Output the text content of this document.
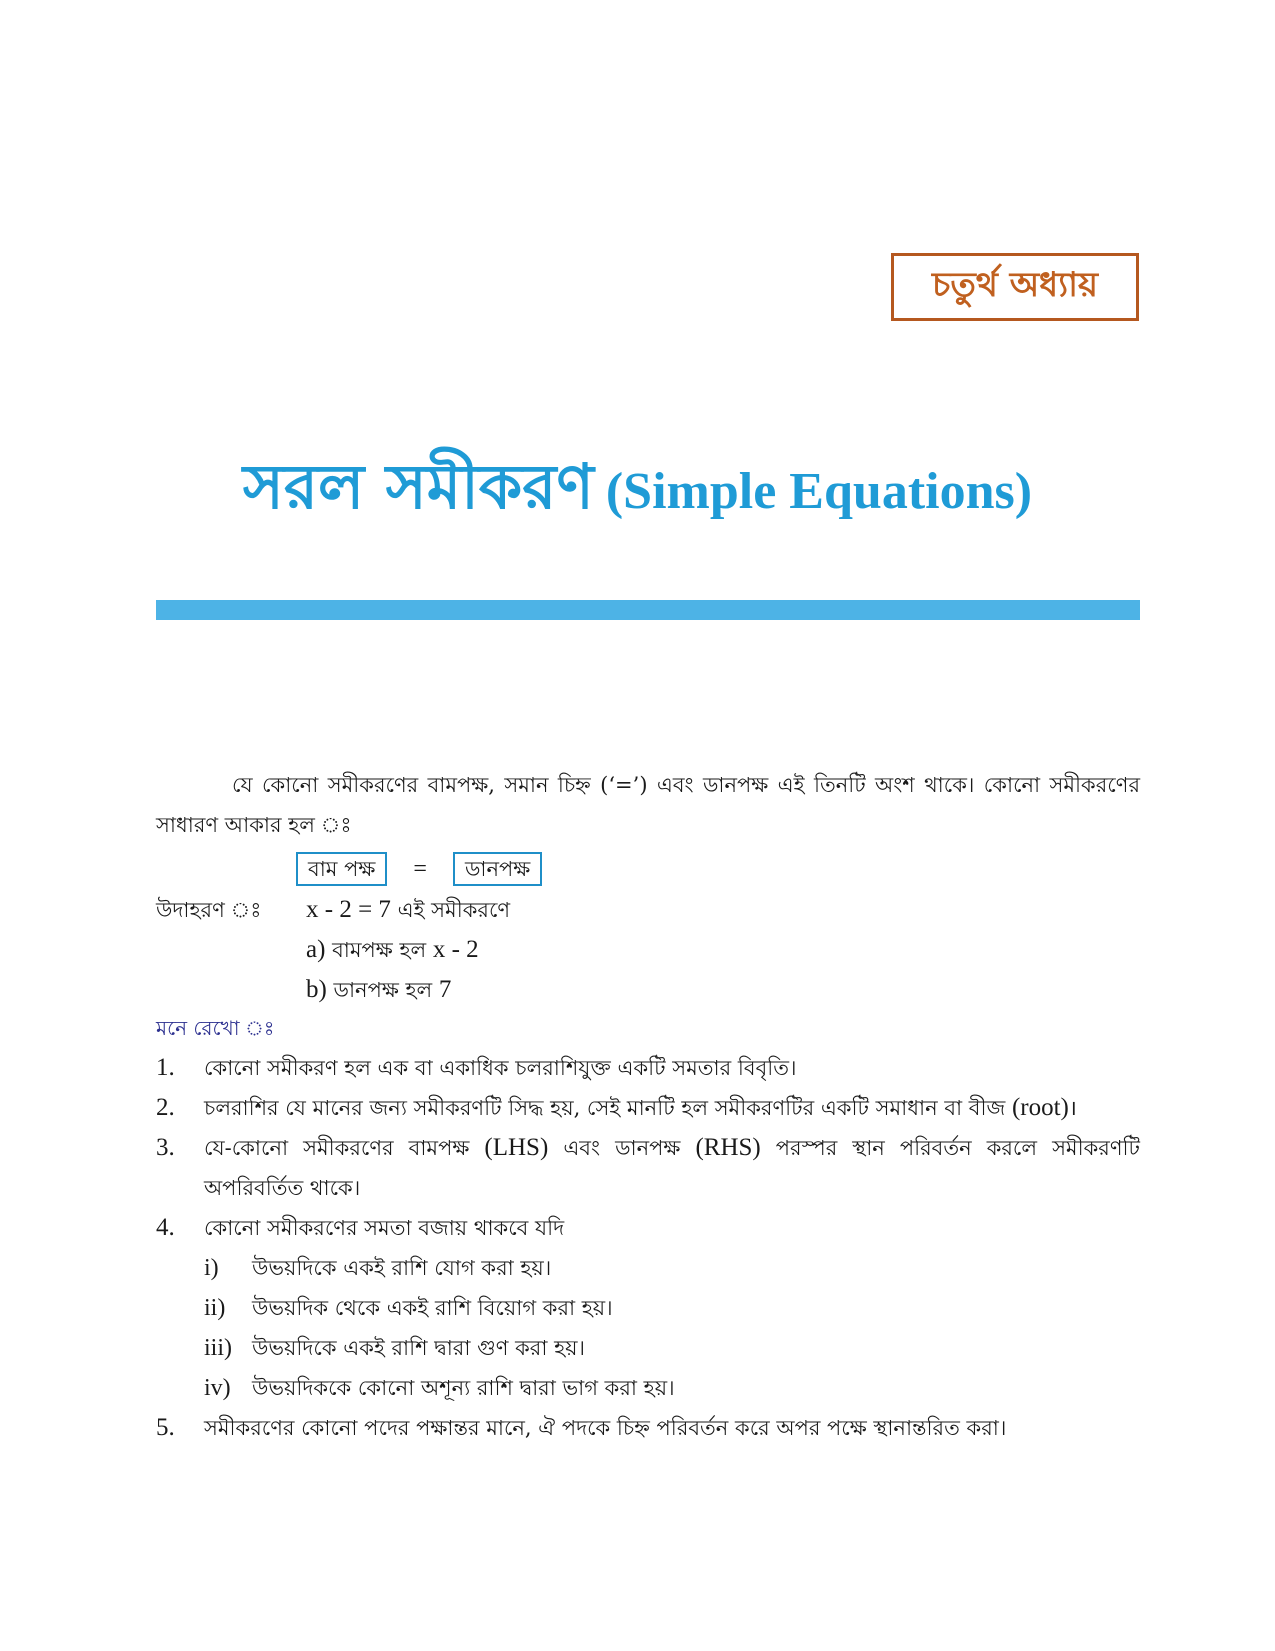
চতুর্থ অধ্যায়
সরল সমীকরণ (Simple Equations)
যে কোনো সমীকরণের বামপক্ষ, সমান চিহ্ন (‘=’) এবং ডানপক্ষ এই তিনটি অংশ থাকে। কোনো সমীকরণের সাধারণ আকার হল ঃ
বাম পক্ষ	=	ডানপক্ষ
উদাহরণ ঃ x - 2 = 7 এই সমীকরণে
a) বামপক্ষ হল x - 2
b) ডানপক্ষ হল 7
মনে রেখো ঃ
1.	কোনো সমীকরণ হল এক বা একাধিক চলরাশিযুক্ত একটি সমতার বিবৃতি।
2.	চলরাশির যে মানের জন্য সমীকরণটি সিদ্ধ হয়, সেই মানটি হল সমীকরণটির একটি সমাধান বা বীজ (root)।
3.	যে-কোনো সমীকরণের বামপক্ষ (LHS) এবং ডানপক্ষ (RHS) পরস্পর স্থান পরিবর্তন করলে সমীকরণটি অপরিবর্তিত থাকে।
4.	কোনো সমীকরণের সমতা বজায় থাকবে যদি
i)	উভয়দিকে একই রাশি যোগ করা হয়।
ii)	উভয়দিক থেকে একই রাশি বিয়োগ করা হয়।
iii) উভয়দিকে একই রাশি দ্বারা গুণ করা হয়।
iv)	উভয়দিককে কোনো অশূন্য রাশি দ্বারা ভাগ করা হয়।
5.	সমীকরণের কোনো পদের পক্ষান্তর মানে, ঐ পদকে চিহ্ন পরিবর্তন করে অপর পক্ষে স্থানান্তরিত করা।
